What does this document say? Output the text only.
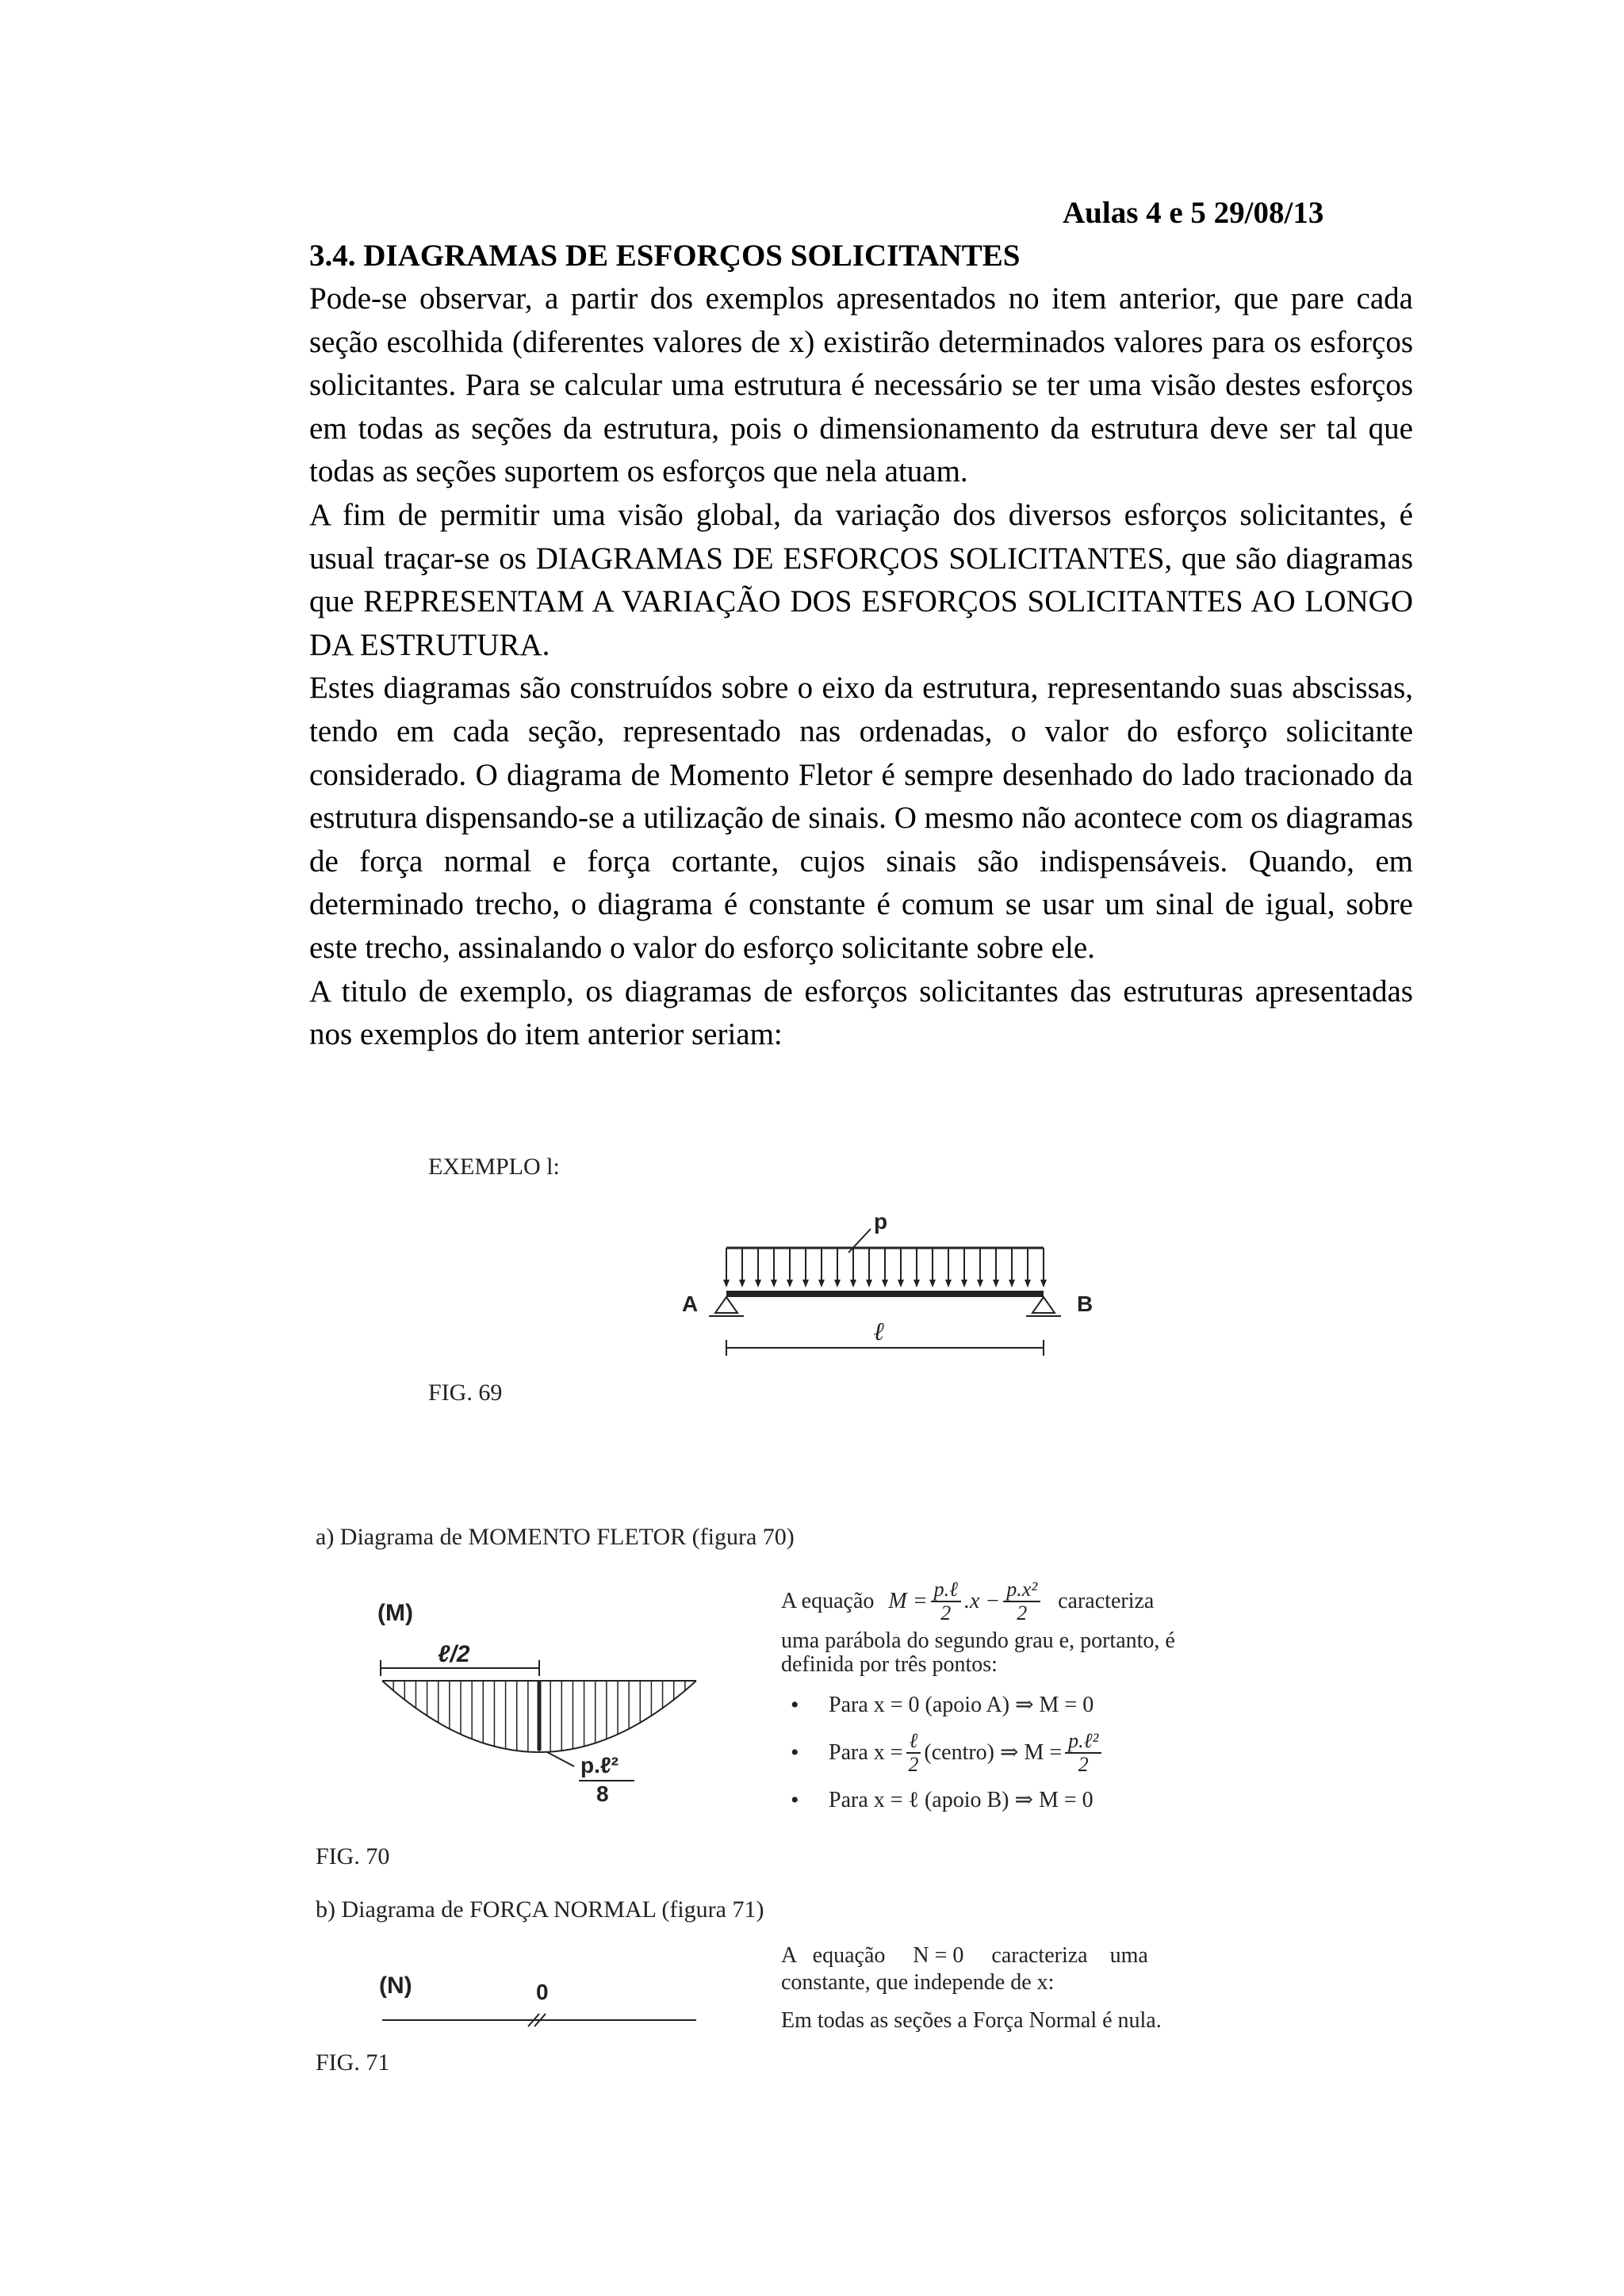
Aulas 4 e 5 29/08/13
3.4. DIAGRAMAS DE ESFORÇOS SOLICITANTES

Pode-se observar, a partir dos exemplos apresentados no item anterior, que pare cada seção escolhida (diferentes valores de x) existirão determinados valores para os esforços solicitantes. Para se calcular uma estrutura é necessário se ter uma visão destes esforços em todas as seções da estrutura, pois o dimensionamento da estrutura deve ser tal que todas as seções suportem os esforços que nela atuam.

A fim de permitir uma visão global, da variação dos diversos esforços solicitantes, é usual traçar-se os DIAGRAMAS DE ESFORÇOS SOLICITANTES, que são diagramas que REPRESENTAM A VARIAÇÃO DOS ESFORÇOS SOLICITANTES AO LONGO DA ESTRUTURA.

Estes diagramas são construídos sobre o eixo da estrutura, representando suas abscissas, tendo em cada seção, representado nas ordenadas, o valor do esforço solicitante considerado. O diagrama de Momento Fletor é sempre desenhado do lado tracionado da estrutura dispensando-se a utilização de sinais. O mesmo não acontece com os diagramas de força normal e força cortante, cujos sinais são indispensáveis. Quando, em determinado trecho, o diagrama é constante é comum se usar um sinal de igual, sobre este trecho, assinalando o valor do esforço solicitante sobre ele.

A titulo de exemplo, os diagramas de esforços solicitantes das estruturas apresentadas nos exemplos do item anterior seriam:

EXEMPLO l:
p
A	B
ℓ
FIG. 69
a) Diagrama de MOMENTO FLETOR (figura 70)
(M)
ℓ/2
p.ℓ²
8
A equação $M = \frac{\text{p.ℓ}}{2} .x - \frac{\text{p.x²}}{2}$ caracteriza
uma parábola do segundo grau e, portanto, é
definida por três pontos:
• Para x = 0 (apoio A) ⇒ M = 0
• Para $x = \frac{\text{ℓ}}{2}$ (centro) ⇒ $M = \frac{\text{p.ℓ²}}{2}$
• Para x = ℓ (apoio B) ⇒ M = 0
FIG. 70
b) Diagrama de FORÇA NORMAL (figura 71)
(N)	0
A   equação     N = 0     caracteriza    uma
constante, que independe de x:
Em todas as seções a Força Normal é nula.
FIG. 71
